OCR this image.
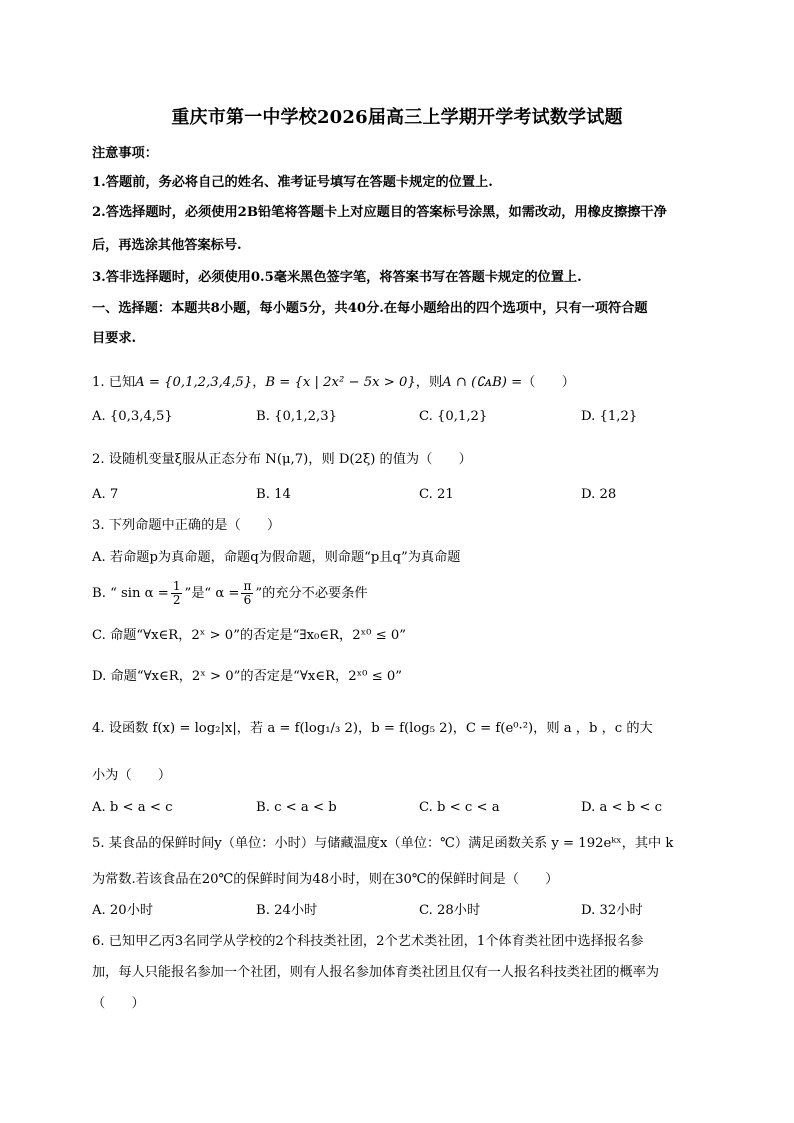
重庆市第一中学校2026届高三上学期开学考试数学试题
注意事项：
1.答题前，务必将自己的姓名、准考证号填写在答题卡规定的位置上.
2.答选择题时，必须使用2B铅笔将答题卡上对应题目的答案标号涂黑，如需改动，用橡皮擦擦干净
后，再选涂其他答案标号.
3.答非选择题时，必须使用0.5毫米黑色签字笔，将答案书写在答题卡规定的位置上.
一、选择题：本题共8小题，每小题5分，共40分.在每小题给出的四个选项中，只有一项符合题
目要求.
1. 已知A = {0,1,2,3,4,5}，B = {x | 2x² − 5x > 0}，则A ∩ (∁ᴀB) =（　　）
A. {0,3,4,5}	B. {0,1,2,3}	C. {0,1,2}	D. {1,2}
2. 设随机变量ξ服从正态分布 N(μ,7)，则 D(2ξ) 的值为（　　）
A. 7	B. 14	C. 21	D. 28
3. 下列命题中正确的是（　　）
A. 若命题p为真命题，命题q为假命题，则命题“p且q”为真命题
B. “ $\sin \alpha = \frac{1}{2}$ ”是“ $\alpha = \frac{\pi}{6}$ ”的充分不必要条件
C. 命题“∀x∈R，2ˣ > 0”的否定是“∃x₀∈R，2ˣ⁰ ≤ 0”
D. 命题“∀x∈R，2ˣ > 0”的否定是“∀x∈R，2ˣ⁰ ≤ 0”
4. 设函数 f(x) = log₂|x|，若 a = f(log₁/₃ 2)，b = f(log₅ 2)，C = f(e⁰·²)，则 a ，b ，c 的大
小为（　　）
A. b < a < c	B. c < a < b	C. b < c < a	D. a < b < c
5. 某食品的保鲜时间y（单位：小时）与储藏温度x（单位：℃）满足函数关系 y = 192eᵏˣ，其中 k
为常数.若该食品在20℃的保鲜时间为48小时，则在30℃的保鲜时间是（　　）
A. 20小时	B. 24小时	C. 28小时	D. 32小时
6. 已知甲乙丙3名同学从学校的2个科技类社团，2个艺术类社团，1个体育类社团中选择报名参
加，每人只能报名参加一个社团，则有人报名参加体育类社团且仅有一人报名科技类社团的概率为
（　　）
